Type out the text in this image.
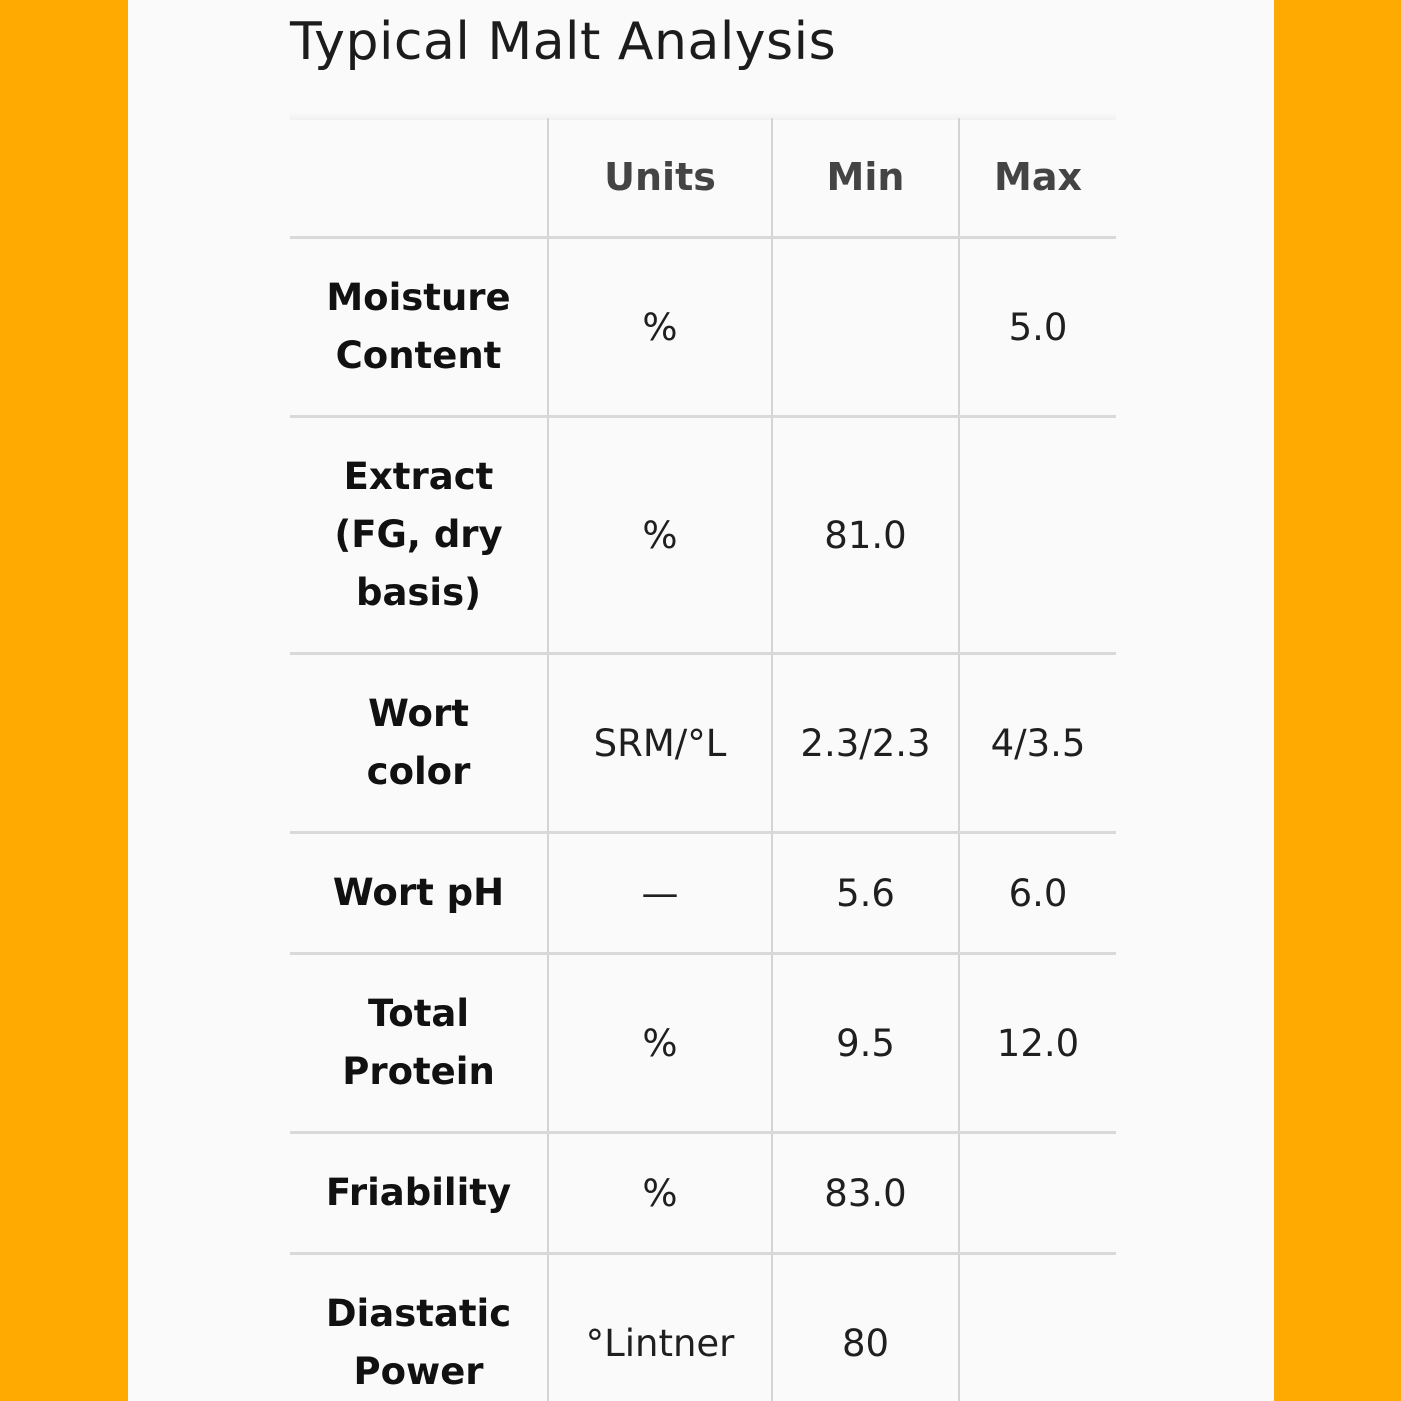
Typical Malt Analysis
	Units	Min	Max
Moisture Content	%		5.0
Extract (FG, dry basis)	%	81.0	
Wort color	SRM/°L	2.3/2.3	4/3.5
Wort pH	—	5.6	6.0
Total Protein	%	9.5	12.0
Friability	%	83.0	
Diastatic Power	°Lintner	80	
